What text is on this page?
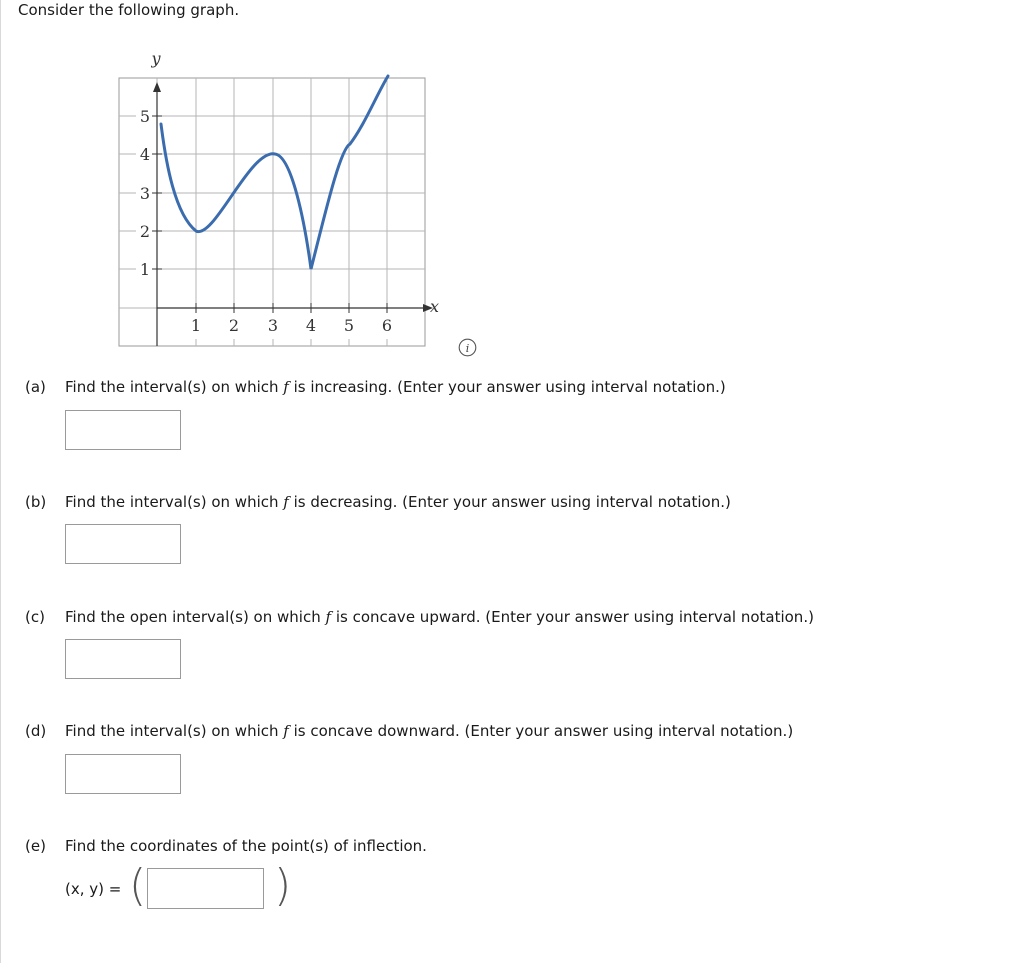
Consider the following graph.
y
x
1 2 3 4 5 6
1
2
3
4
5
i
(a) Find the interval(s) on which f is increasing. (Enter your answer using interval notation.)
(b) Find the interval(s) on which f is decreasing. (Enter your answer using interval notation.)
(c) Find the open interval(s) on which f is concave upward. (Enter your answer using interval notation.)
(d) Find the interval(s) on which f is concave downward. (Enter your answer using interval notation.)
(e) Find the coordinates of the point(s) of inflection.
(x, y) = (	)
